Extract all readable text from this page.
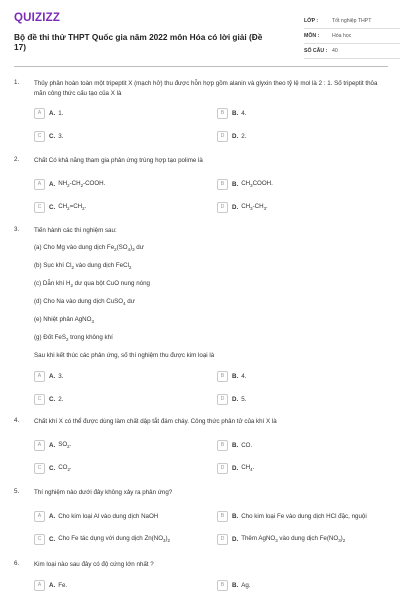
QUIZIZZ
Bộ đề thi thử THPT Quốc gia năm 2022 môn Hóa có lời giải (Đề 17)
LỚP :	Tốt nghiệp THPT
MÔN :	Hóa học
SỐ CÂU : 40
1. Thủy phân hoàn toàn một tripeptit X (mạch hở) thu được hỗn hợp gồm alanin và glyxin theo tỷ lệ mol là 2 : 1. Số tripeptit thỏa mãn công thức cấu tạo của X là
A	A. 1.	B	B. 4.
C	C. 3.	D	D. 2.
2. Chất Có khả năng tham gia phản ứng trùng hợp tạo polime là
A	A. $NH_2-CH_2$-COOH.	B	B. $CH_3COOH$.
C	C. $CH_2=CH_2$.	D	D. $CH_3-CH_3$.
3. Tiến hành các thí nghiệm sau:
(a) Cho Mg vào dung dịch $Fe_2(SO_4)_3$ dư
(b) Sục khí $Cl_2$ vào dung dịch FeCl$_2$
(c) Dẫn khí $H_2$ dư qua bột CuO nung nóng
(d) Cho Na vào dung dịch CuSO$_4$ dư
(e) Nhiệt phân AgNO$_3$
(g) Đốt FeS$_2$ trong không khí
Sau khi kết thúc các phản ứng, số thí nghiệm thu được kim loại là
A	A. 3.	B	B. 4.
C	C. 2.	D	D. 5.
4. Chất khí X có thể được dùng làm chất dập tắt đám cháy. Công thức phân tử của khí X là
A	A. $SO_2$.	B	B. CO.
C	C. $CO_2$.	D	D. $CH_4$.
5. Thí nghiệm nào dưới đây không xảy ra phản ứng?
A	A. Cho kim loại Al vào dung dịch NaOH	B	B. Cho kim loại Fe vào dung dịch HCl đặc, nguội
C	C. Cho Fe tác dụng với dung dịch $Zn(NO_3)_2$	D	D. Thêm AgNO$_3$ vào dung dịch $Fe(NO_3)_2$
6. Kim loại nào sau đây có độ cứng lớn nhất ?
A	A. Fe.	B	B. Ag.
